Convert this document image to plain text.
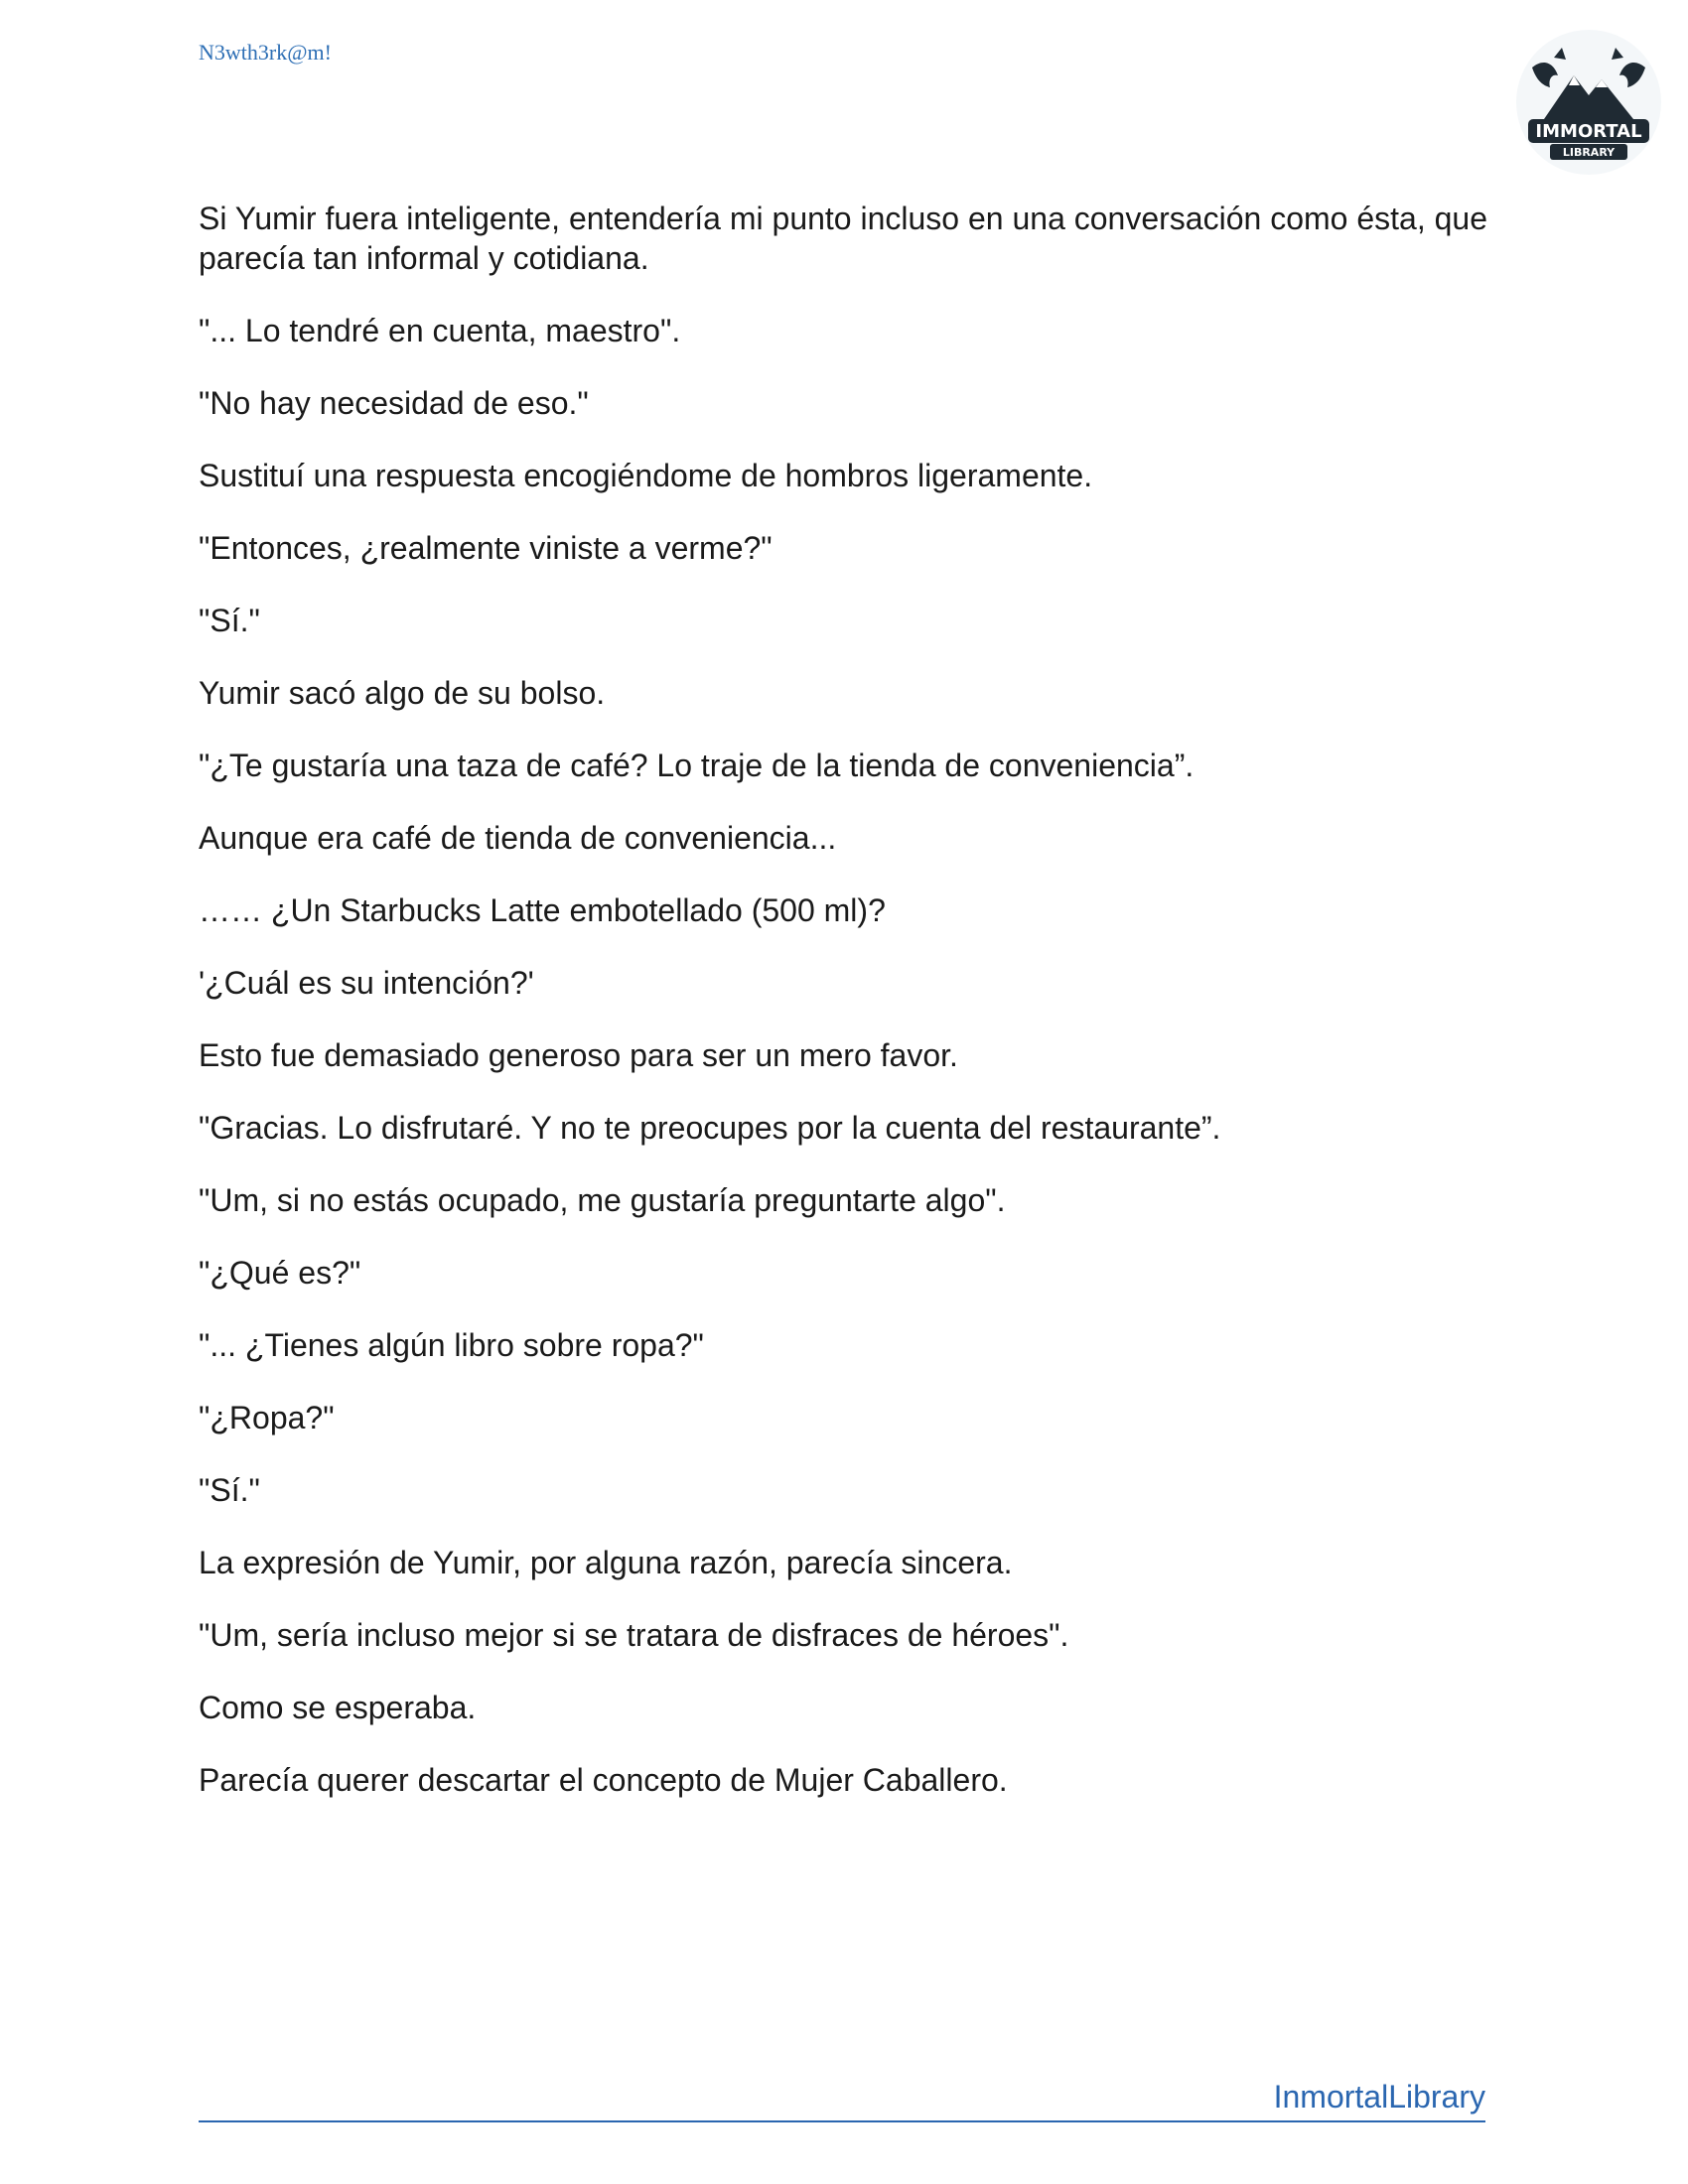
N3wth3rk@m!
IMMORTAL
LIBRARY

Si Yumir fuera inteligente, entendería mi punto incluso en una conversación como ésta, que parecía tan informal y cotidiana.

"... Lo tendré en cuenta, maestro".

"No hay necesidad de eso."

Sustituí una respuesta encogiéndome de hombros ligeramente.

"Entonces, ¿realmente viniste a verme?"

"Sí."

Yumir sacó algo de su bolso.

"¿Te gustaría una taza de café? Lo traje de la tienda de conveniencia”.

Aunque era café de tienda de conveniencia...

…… ¿Un Starbucks Latte embotellado (500 ml)?

'¿Cuál es su intención?'

Esto fue demasiado generoso para ser un mero favor.

"Gracias. Lo disfrutaré. Y no te preocupes por la cuenta del restaurante”.

"Um, si no estás ocupado, me gustaría preguntarte algo".

"¿Qué es?"

"... ¿Tienes algún libro sobre ropa?"

"¿Ropa?"

"Sí."

La expresión de Yumir, por alguna razón, parecía sincera.

"Um, sería incluso mejor si se tratara de disfraces de héroes".

Como se esperaba.

Parecía querer descartar el concepto de Mujer Caballero.

InmortalLibrary
